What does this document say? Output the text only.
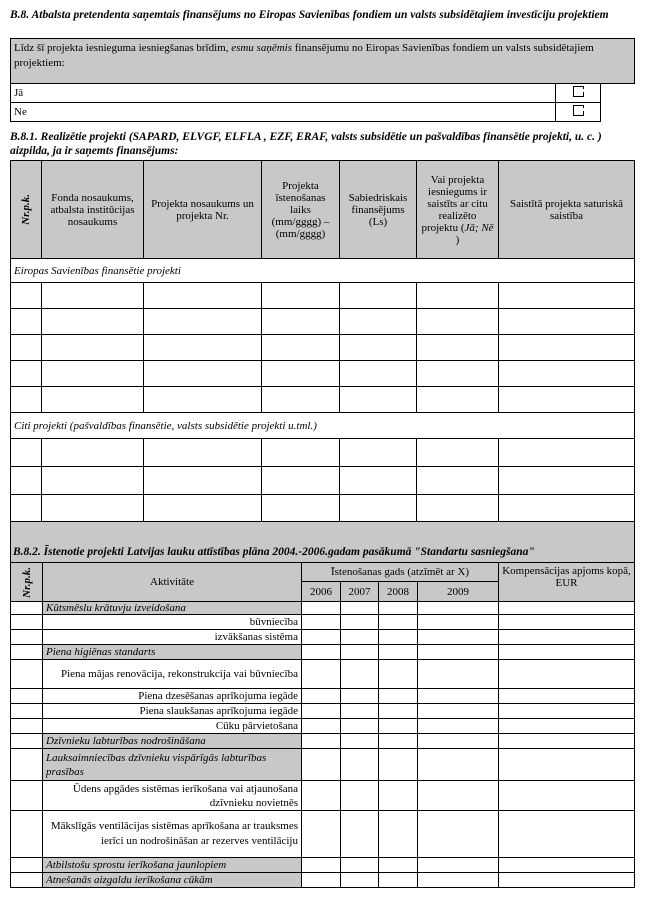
B.8. Atbalsta pretendenta saņemtais finansējums no Eiropas Savienības fondiem un valsts subsidētajiem investīciju projektiem
Līdz šī projekta iesnieguma iesniegšanas brīdim, esmu saņēmis finansējumu no Eiropas Savienības fondiem un valsts subsidētajiem projektiem:		
Jā		
Ne		
B.8.1. Realizētie projekti (SAPARD, ELVGF, ELFLA , EZF, ERAF, valsts subsidētie un pašvaldības finansētie projekti, u. c. ) aizpilda, ja ir saņemts finansējums:
Nr.p.k.	Fonda nosaukums, atbalsta institūcijas nosaukums	Projekta nosaukums un projekta Nr.	Projekta īstenošanas laiks (mm/gggg) – (mm/gggg)	Sabiedriskais finansējums (Ls)	Vai projekta iesniegums ir saistīts ar citu realizēto projektu (Jā; Nē )	Saistītā projekta saturiskā saistība
Eiropas Savienības finansētie projekti						

Citi projekti (pašvaldības finansētie, valsts subsidētie projekti u.tml.)						

B.8.2. Īstenotie projekti Latvijas lauku attīstības plāna 2004.-2006.gadam pasākumā "Standartu sasniegšana"
Nr.p.k.	Aktivitāte	Īstenošanas gads (atzīmēt ar X)				Kompensācijas apjoms kopā, EUR
		2006	2007	2008	2009	
	Kūtsmēslu krātuvju izveidošana					
	būvniecība					
	izvākšanas sistēma					
	Piena higiēnas standarts					
	Piena mājas renovācija, rekonstrukcija vai būvniecība					
	Piena dzesēšanas aprīkojuma iegāde					
	Piena slaukšanas aprīkojuma iegāde					
	Cūku pārvietošana					
	Dzīvnieku labturības nodrošināšana					
	Lauksaimniecības dzīvnieku vispārīgās labturības prasības					
	Ūdens apgādes sistēmas ierīkošana vai atjaunošana dzīvnieku novietnēs					
	Mākslīgās ventilācijas sistēmas aprīkošana ar trauksmes ierīci un nodrošināšan ar rezerves ventilāciju					
	Atbilstošu sprostu ierīkošana jaunlopiem					
	Atnešanās aizgaldu ierīkošana cūkām					
